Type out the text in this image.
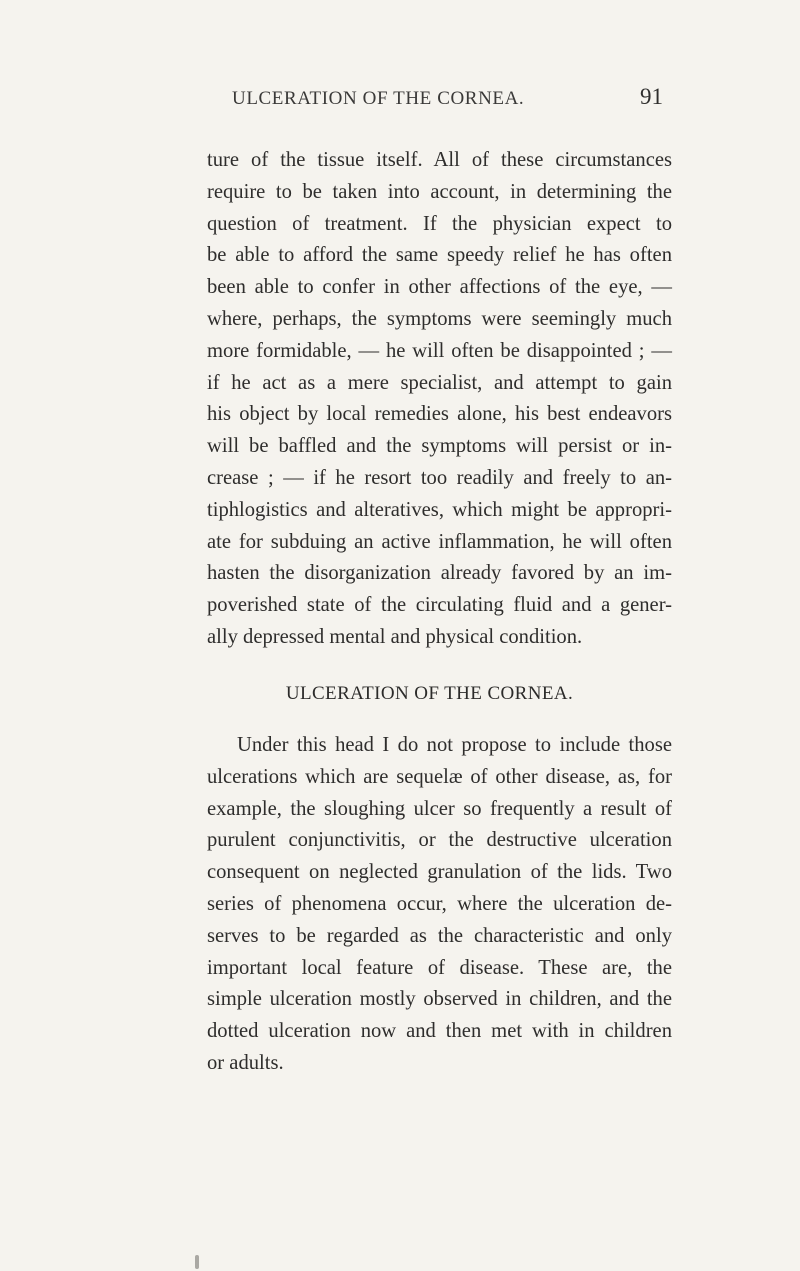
ULCERATION OF THE CORNEA.	91
ture of the tissue itself. All of these circumstances
require to be taken into account, in determining the
question of treatment. If the physician expect to
be able to afford the same speedy relief he has often
been able to confer in other affections of the eye, —
where, perhaps, the symptoms were seemingly much
more formidable, — he will often be disappointed ; —
if he act as a mere specialist, and attempt to gain
his object by local remedies alone, his best endeavors
will be baffled and the symptoms will persist or in-
crease ; — if he resort too readily and freely to an-
tiphlogistics and alteratives, which might be appropri-
ate for subduing an active inflammation, he will often
hasten the disorganization already favored by an im-
poverished state of the circulating fluid and a gener-
ally depressed mental and physical condition.
ULCERATION OF THE CORNEA.
Under this head I do not propose to include those
ulcerations which are sequelæ of other disease, as, for
example, the sloughing ulcer so frequently a result of
purulent conjunctivitis, or the destructive ulceration
consequent on neglected granulation of the lids. Two
series of phenomena occur, where the ulceration de-
serves to be regarded as the characteristic and only
important local feature of disease. These are, the
simple ulceration mostly observed in children, and the
dotted ulceration now and then met with in children
or adults.
